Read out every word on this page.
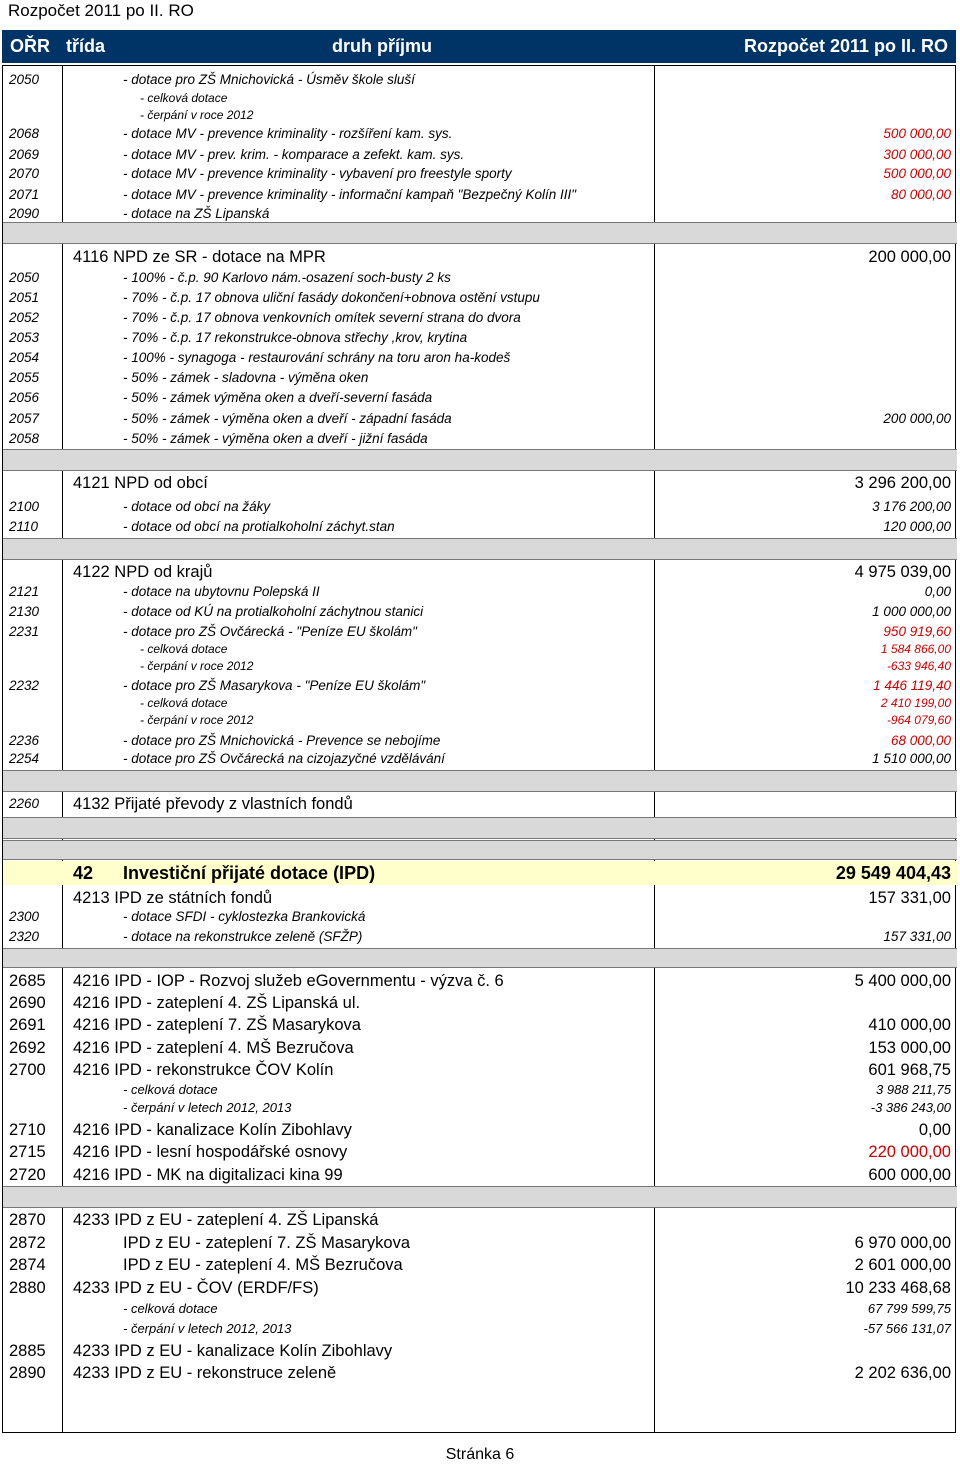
Rozpočet 2011 po II. RO
OŘR třída	druh příjmu	Rozpočet 2011 po II. RO
2050	- dotace pro ZŠ Mnichovická - Úsměv škole sluší
- celková dotace
- čerpání v roce 2012
2068	- dotace MV - prevence kriminality - rozšíření kam. sys.	500 000,00
2069	- dotace MV - prev. krim. - komparace a zefekt. kam. sys.	300 000,00
2070	- dotace MV - prevence kriminality - vybavení pro freestyle sporty	500 000,00
2071	- dotace MV - prevence kriminality - informační kampaň "Bezpečný Kolín III"	80 000,00
2090	- dotace na ZŠ Lipanská
4116 NPD ze SR - dotace na MPR	200 000,00
2050	- 100% - č.p. 90 Karlovo nám.-osazení soch-busty 2 ks
2051	- 70% - č.p. 17 obnova uliční fasády dokončení+obnova ostění vstupu
2052	- 70% - č.p. 17 obnova venkovních omítek severní strana do dvora
2053	- 70% - č.p. 17 rekonstrukce-obnova střechy ,krov, krytina
2054	- 100% - synagoga - restaurování schrány na toru aron ha-kodeš
2055	- 50% - zámek - sladovna - výměna oken
2056	- 50% - zámek výměna oken a dveří-severní fasáda
2057	- 50% - zámek - výměna oken a dveří - západní fasáda	200 000,00
2058	- 50% - zámek - výměna oken a dveří - jižní fasáda
4121 NPD od obcí	3 296 200,00
2100	- dotace od obcí na žáky	3 176 200,00
2110	- dotace od obcí na protialkoholní záchyt.stan	120 000,00
4122 NPD od krajů	4 975 039,00
2121	- dotace na ubytovnu Polepská II	0,00
2130	- dotace od KÚ na protialkoholní záchytnou stanici	1 000 000,00
2231	- dotace pro ZŠ Ovčárecká - "Peníze EU školám"	950 919,60
- celková dotace	1 584 866,00
- čerpání v roce 2012	-633 946,40
2232	- dotace pro ZŠ Masarykova - "Peníze EU školám"	1 446 119,40
- celková dotace	2 410 199,00
- čerpání v roce 2012	-964 079,60
2236	- dotace pro ZŠ Mnichovická - Prevence se nebojíme	68 000,00
2254	- dotace pro ZŠ Ovčárecká na cizojazyčné vzdělávání	1 510 000,00
2260 4132 Přijaté převody z vlastních fondů
42 Investiční přijaté dotace (IPD)	29 549 404,43
4213 IPD ze státních fondů	157 331,00
2300	- dotace SFDI - cyklostezka Brankovická
2320	- dotace na rekonstrukce zeleně (SFŽP)	157 331,00
2685 4216 IPD - IOP - Rozvoj služeb eGovernmentu - výzva č. 6	5 400 000,00
2690 4216 IPD - zateplení 4. ZŠ Lipanská ul.
2691 4216 IPD - zateplení 7. ZŠ Masarykova	410 000,00
2692 4216 IPD - zateplení 4. MŠ Bezručova	153 000,00
2700 4216 IPD - rekonstrukce ČOV Kolín	601 968,75
- celková dotace	3 988 211,75
- čerpání v letech 2012, 2013	-3 386 243,00
2710 4216 IPD - kanalizace Kolín Zibohlavy	0,00
2715 4216 IPD - lesní hospodářské osnovy	220 000,00
2720 4216 IPD - MK na digitalizaci kina 99	600 000,00
2870 4233 IPD z EU - zateplení 4. ZŠ Lipanská
2872	IPD z EU - zateplení 7. ZŠ Masarykova	6 970 000,00
2874	IPD z EU - zateplení 4. MŠ Bezručova	2 601 000,00
2880 4233 IPD z EU - ČOV (ERDF/FS)	10 233 468,68
- celková dotace	67 799 599,75
- čerpání v letech 2012, 2013	-57 566 131,07
2885 4233 IPD z EU - kanalizace Kolín Zibohlavy
2890 4233 IPD z EU - rekonstruce zeleně	2 202 636,00
Stránka 6
